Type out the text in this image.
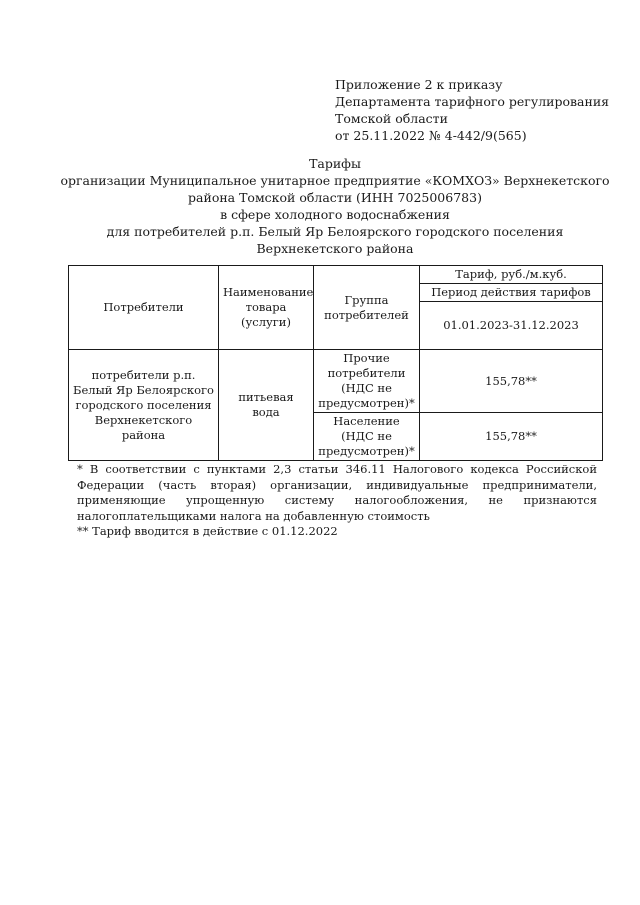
Приложение 2 к приказу
Департамента тарифного регулирования
Томской области
от 25.11.2022 № 4-442/9(565)
Тарифы
организации Муниципальное унитарное предприятие «КОМХОЗ» Верхнекетского
района Томской области (ИНН 7025006783)
в сфере холодного водоснабжения
для потребителей р.п. Белый Яр Белоярского городского поселения
Верхнекетского района
Потребители	Наименование товара (услуги)	Группа потребителей	Тариф, руб./м.куб.
			Период действия тарифов
			01.01.2023-31.12.2023
потребители р.п. Белый Яр Белоярского городского поселения Верхнекетского района	питьевая вода	Прочие потребители (НДС не предусмотрен)*	155,78**
		Население (НДС не предусмотрен)*	155,78**
* В соответствии с пунктами 2,3 статьи 346.11 Налогового кодекса Российской Федерации (часть вторая) организации, индивидуальные предприниматели, применяющие упрощенную систему налогообложения, не признаются налогоплательщиками налога на добавленную стоимость
** Тариф вводится в действие с 01.12.2022
